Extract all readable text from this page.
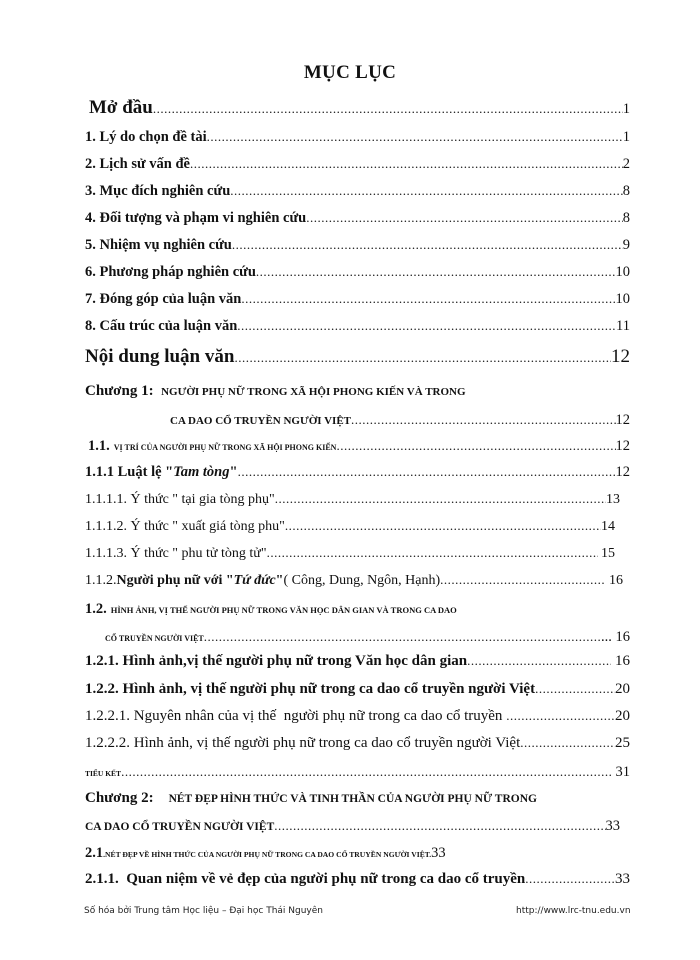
MỤC LỤC
Mở đầu .....	1
1. Lý do chọn đề tài .....	1
2. Lịch sử vấn đề .....	2
3. Mục đích nghiên cứu .....	8
4. Đối tượng và phạm vi nghiên cứu .....	8
5. Nhiệm vụ nghiên cứu .....	9
6. Phương pháp nghiên cứu .....	10
7. Đóng góp của luận văn .....	10
8. Cấu trúc của luận văn .....	11
Nội dung luận văn .....	12
Chương 1:
NGƯỜI PHỤ NỮ TRONG XÃ HỘI PHONG KIẾN VÀ TRONG
CA DAO CỔ TRUYỀN NGƯỜI VIỆT .....	12
1.1.
VỊ TRÍ CỦA NGƯỜI PHỤ NỮ TRONG XÃ HỘI PHONG KIẾN .....	12
1.1.1 Luật lệ " Tam tòng " .....	12
1.1.1.1. Ý thức " tại gia tòng phụ" .....	13
1.1.1.2. Ý thức " xuất giá tòng phu" .....	14
1.1.1.3. Ý thức " phu tử tòng tử" .....	15
1.1.2. Người phụ nữ với " Tứ đức " ( Công, Dung, Ngôn, Hạnh) .....	16
1.2.
HÌNH ẢNH, VỊ THẾ NGƯỜI PHỤ NỮ TRONG VĂN HỌC DÂN GIAN VÀ TRONG CA DAO
CỔ TRUYỀN NGƯỜI VIỆT .....	... 16
1.2.1. Hình ảnh,vị thế người phụ nữ trong Văn học dân gian .....	16
1.2.2. Hình ảnh, vị thế người phụ nữ trong ca dao cổ truyền người Việt .....	20
1.2.2.1. Nguyên nhân của vị thế  người phụ nữ trong ca dao cổ truyền .....	20
1.2.2.2. Hình ảnh, vị thế người phụ nữ trong ca dao cổ truyền người Việt .....	25
TIỂU KẾT .....	31
Chương 2:
NÉT ĐẸP HÌNH THỨC VÀ TINH THẦN CỦA NGƯỜI PHỤ NỮ TRONG
CA DAO CỔ TRUYỀN NGƯỜI VIỆT .....	33
2.1 .NÉT ĐẸP VỀ HÌNH THỨC CỦA NGƯỜI PHỤ NỮ TRONG CA DAO CỔ TRUYỀN NGƯỜI VIỆT. 33
2.1.1.  Quan niệm về vẻ đẹp của người phụ nữ trong ca dao cổ truyền .....	33
Số hóa bởi Trung tâm Học liệu – Đại học Thái Nguyên	http://www.lrc-tnu.edu.vn
